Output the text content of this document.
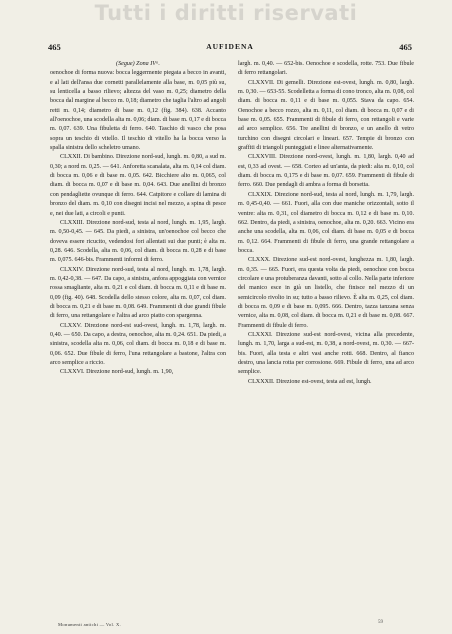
Tutti i diritti riservati
465	AUFIDENA	465

(Segue) Zona IVᵃ.

oenochoe di forma nuova: bocca leggermente piegata a becco in avanti, e al lati dell'ansa due cornetti parallelamente alla base, m. 0,05 più su, su lenticella a basso rilievo; altezza del vaso m. 0,25; diametro della bocca dal margine al becco m. 0,18; diametro che taglia l'altro ad angoli retti m. 0,14; diametro di base m. 0,12 (fig. 384). 638. Accanto all'oenochoe, una scodella alta m. 0,06; diam. di base m. 0,17 e di bocca m. 0,07. 639. Una fibuletta di ferro. 640. Taschio di vasco che posa sopra un teschio di vitello. Il teschio di vitello ha la bocca verso la spalla sinistra dello scheletro umano.

CLXXII. Di bambino. Direzione nord-sud, lungh. m. 0,80, a sud m. 0,30; a nord m. 0,25. — 641. Anforetta scanalata, alta m. 0,14 col diam. di bocca m. 0,06 e di base m. 0,05. 642. Bicchiere alto m. 0,065, col diam. di bocca m. 0,07 e di base m. 0,04. 643. Due anellini di bronzo con pendagliette ovunque di ferro. 644. Catpitore e collare di lamina di bronzo del diam. m. 0,10 con disegni incisi nel mezzo, a spina di pesce e, nei due lati, a circoli e punti.

CLXXIII. Direzione nord-sud, testa al nord, lungh. m. 1,95, largh. m. 0,50-0,45. — 645. Da piedi, a sinistra, un'oenochoe col becco che doveva essere ricucito, vedendosi fori allentati sui due punti; è alta m. 0,28. 646. Scodella, alta m. 0,06, col diam. di bocca m. 0,28 e di base m. 0,075. 646-bis. Frammenti informi di ferro.

CLXXIV. Direzione nord-sud, testa al nord, lungh. m. 1,78, largh. m. 0,42-0,38. — 647. Da capo, a sinistra, anfora appoggiata con vernice rossa smagliante, alta m. 0,21 e col diam. di bocca m. 0,11 e di base m. 0,09 (fig. 40). 648. Scodella dello stesso colore, alta m. 0,07, col diam. di bocca m. 0,21 e di base m. 0,08. 649. Frammenti di due grandi fibule di ferro, una rettangolare e l'altra ad arco piatto con spargenna.

CLXXV. Direzione nord-est sud-ovest, lungh. m. 1,78, largh. m. 0,40. — 650. Da capo, a destra, oenochoe, alta m. 0,24. 651. Da piedi, a sinistra, scodella alta m. 0,06, col diam. di bocca m. 0,18 e di base m. 0,06. 652. Due fibule di ferro, l'una rettangolare a bastone, l'altra con arco semplice a riccio.

CLXXVI. Direzione nord-sud, lungh. m. 1,90,

largh. m. 0,40. — 652-bis. Oenochoe e scodella, rotte. 753. Due fibule di ferro rettangolari.

CLXXVII. Di gemelli. Direzione est-ovest, lungh. m. 0,80, largh. m. 0,30. — 653-55. Scodelletta a forma di cono tronco, alta m. 0,08, col diam. di bocca m. 0,11 e di base m. 0,055. Stava da capo. 654. Oenochoe a becco rozzo, alta m. 0,11, col diam. di bocca m. 0,07 e di base m. 0,05. 655. Frammenti di fibule di ferro, con rettangoli e varie ad arco semplice. 656. Tre anellini di bronzo, e un anello di vetro turchino con disegni circolari e lineari. 657. Tempie di bronzo con graffiti di triangoli punteggiati e linee alternativamente.

CLXXVIII. Direzione nord-ovest, lungh. m. 1,80, largh. 0,40 ad est, 0,33 ad ovest. — 658. Corteo ad un'anta, da piedi: alta m. 0,10, col diam. di bocca m. 0,175 e di base m. 0,07. 659. Frammenti di fibule di ferro. 660. Due pendagli di ambra a forma di borsetta.

CLXXIX. Direzione nord-sud, testa al nord, lungh. m. 1,79, largh. m. 0,45-0,40. — 661. Fuori, alla con due maniche orizzontali, sotto il ventre: alta m. 0,31, col diametro di bocca m. 0,12 e di base m. 0,10. 662. Dentro, da piedi, a sinistra, oenochoe, alta m. 0,20. 663. Vicino era anche una scodella, alta m. 0,06, col diam. di base m. 0,05 e di bocca m. 0,12. 664. Frammenti di fibule di ferro, una grande rettangolare a bocca.

CLXXX. Direzione sud-est nord-ovest, lunghezza m. 1,80, largh. m. 0,35. — 665. Fuori, era questa volta da piedi, oenochoe con bocca circolare e una protuberanza davanti, sotto al collo. Nella parte inferiore del manico esce in già un listello, che finisce nel mezzo di un semicircolo rivolto in su; tutto a basso rilievo. È alta m. 0,25, col diam. di bocca m. 0,09 e di base m. 0,095. 666. Dentro, tazza tanzana senza vernice, alta m. 0,08, col diam. di bocca m. 0,21 e di base m. 0,08. 667. Frammenti di fibule di ferro.

CLXXXI. Direzione sud-est nord-ovest, vicina alla precedente, lungh. m. 1,70, larga a sud-est, m. 0,38, a nord-ovest, m. 0,30. — 667-bis. Fuori, alla testa e altri vasi anche rotti. 668. Dentro, al fianco destro, una lancia rotta per corrosione. 669. Fibule di ferro, una ad arco semplice.

CLXXXII. Direzione est-ovest, testa ad est, lungh.

Monumenti antichi — Vol. X.	59
